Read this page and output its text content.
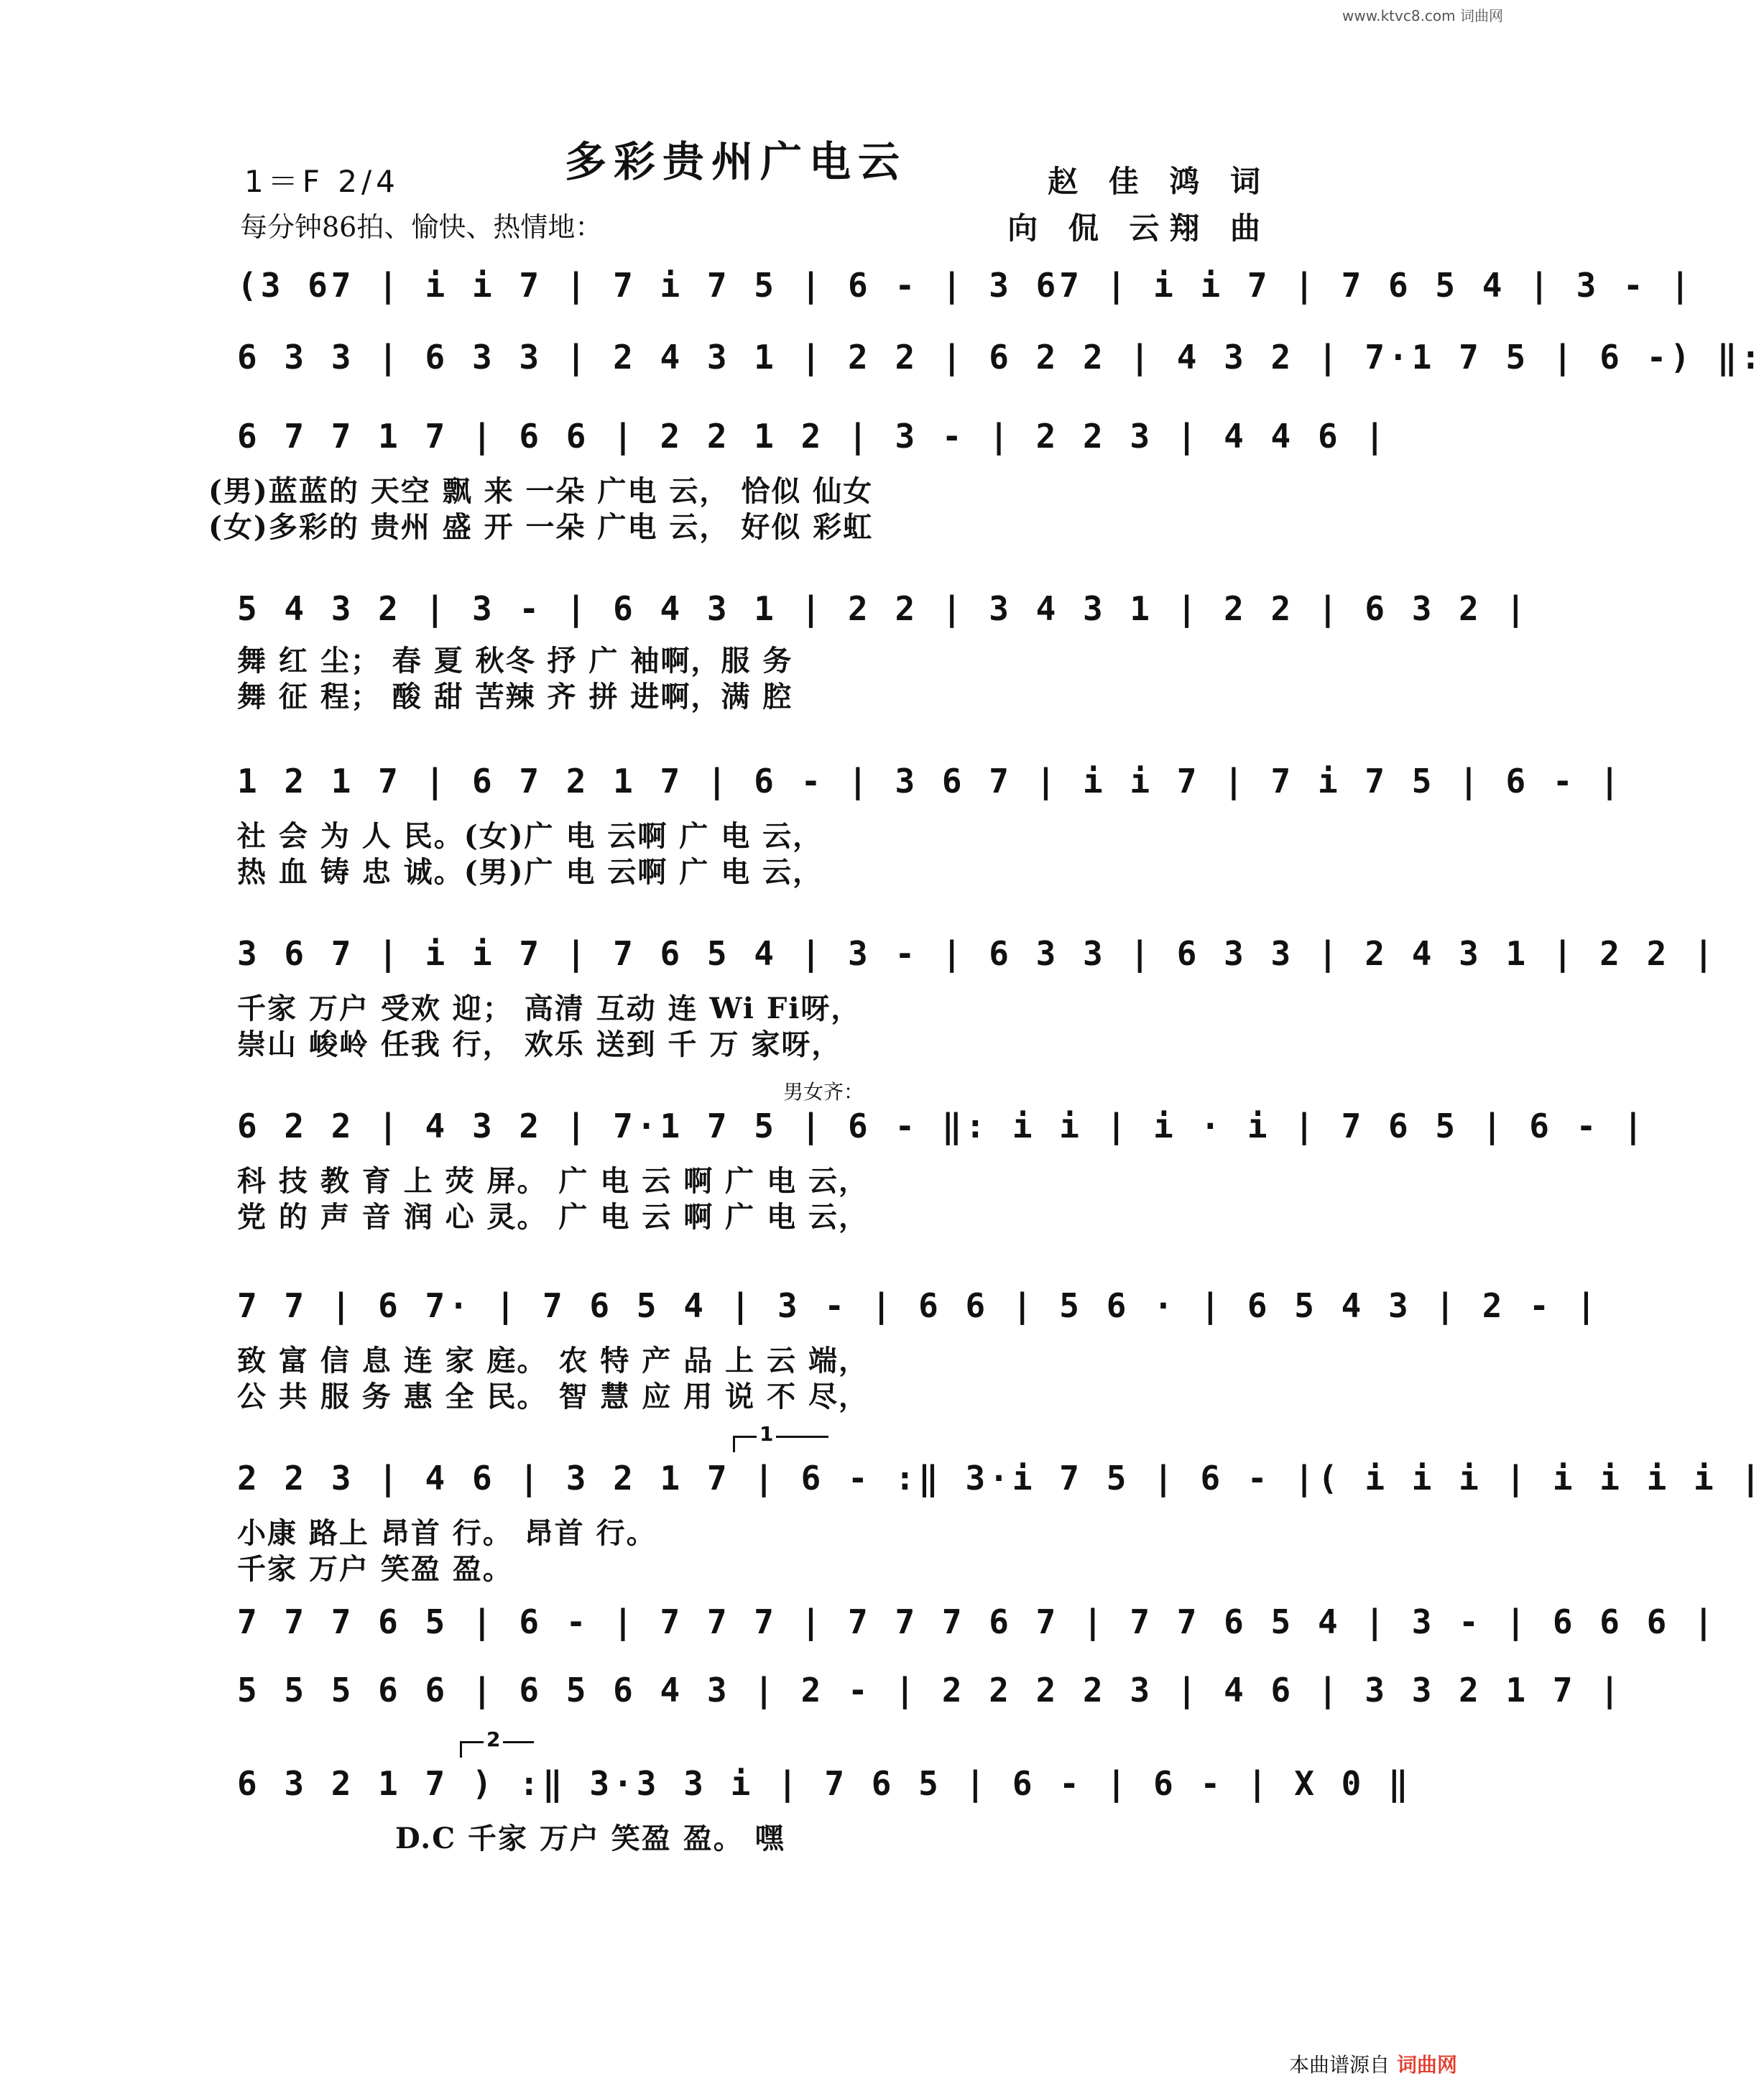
www.ktvc8.com 词曲网
多彩贵州广电云
1＝F 2/4
每分钟86拍、愉快、热情地：
赵 佳 鸿 词
向 侃 云翔 曲
(3 67 | i i 7 | 7 i 7 5 | 6 - | 3 67 | i i 7 | 7 6 5 4 | 3 - |
6 3 3 | 6 3 3 | 2 4 3 1 | 2 2 | 6 2 2 | 4 3 2 | 7·1 7 5 | 6 -) ‖:
6 7 7 1 7 | 6 6 | 2 2 1 2 | 3 - | 2 2 3 | 4 4 6 |
(男)蓝蓝的 天空 飘 来 一朵 广电 云， 恰似 仙女
(女)多彩的 贵州 盛 开 一朵 广电 云， 好似 彩虹
5 4 3 2 | 3 - | 6 4 3 1 | 2 2 | 3 4 3 1 | 2 2 | 6 3 2 |
舞 红 尘； 春 夏 秋冬 抒 广 袖啊，服 务
舞 征 程； 酸 甜 苦辣 齐 拼 进啊，满 腔
1 2 1 7 | 6 7 2 1 7 | 6 - | 3 6 7 | i i 7 | 7 i 7 5 | 6 - |
社 会 为 人 民。(女)广 电 云啊 广 电 云，
热 血 铸 忠 诚。(男)广 电 云啊 广 电 云，
3 6 7 | i i 7 | 7 6 5 4 | 3 - | 6 3 3 | 6 3 3 | 2 4 3 1 | 2 2 |
千家 万户 受欢 迎； 高清 互动 连 Wi Fi呀，
崇山 峻岭 任我 行， 欢乐 送到 千 万 家呀，
男女齐：
6 2 2 | 4 3 2 | 7·1 7 5 | 6 - ‖: i i | i · i | 7 6 5 | 6 - |
科 技 教 育 上 荧 屏。 广 电 云 啊 广 电 云，
党 的 声 音 润 心 灵。 广 电 云 啊 广 电 云，
7 7 | 6 7· | 7 6 5 4 | 3 - | 6 6 | 5 6 · | 6 5 4 3 | 2 - |
致 富 信 息 连 家 庭。 农 特 产 品 上 云 端，
公 共 服 务 惠 全 民。 智 慧 应 用 说 不 尽，
1
2 2 3 | 4 6 | 3 2 1 7 | 6 - :‖ 3·i 7 5 | 6 - |( i i i | i i i i |
小康 路上 昂首 行。 昂首 行。
千家 万户 笑盈 盈。
7 7 7 6 5 | 6 - | 7 7 7 | 7 7 7 6 7 | 7 7 6 5 4 | 3 - | 6 6 6 |
5 5 5 6 6 | 6 5 6 4 3 | 2 - | 2 2 2 2 3 | 4 6 | 3 3 2 1 7 |
2
6 3 2 1 7 ) :‖ 3·3 3 i | 7 6 5 | 6 - | 6 - | X 0 ‖
D.C 千家 万户 笑盈 盈。 嘿
本曲谱源自 词曲网
